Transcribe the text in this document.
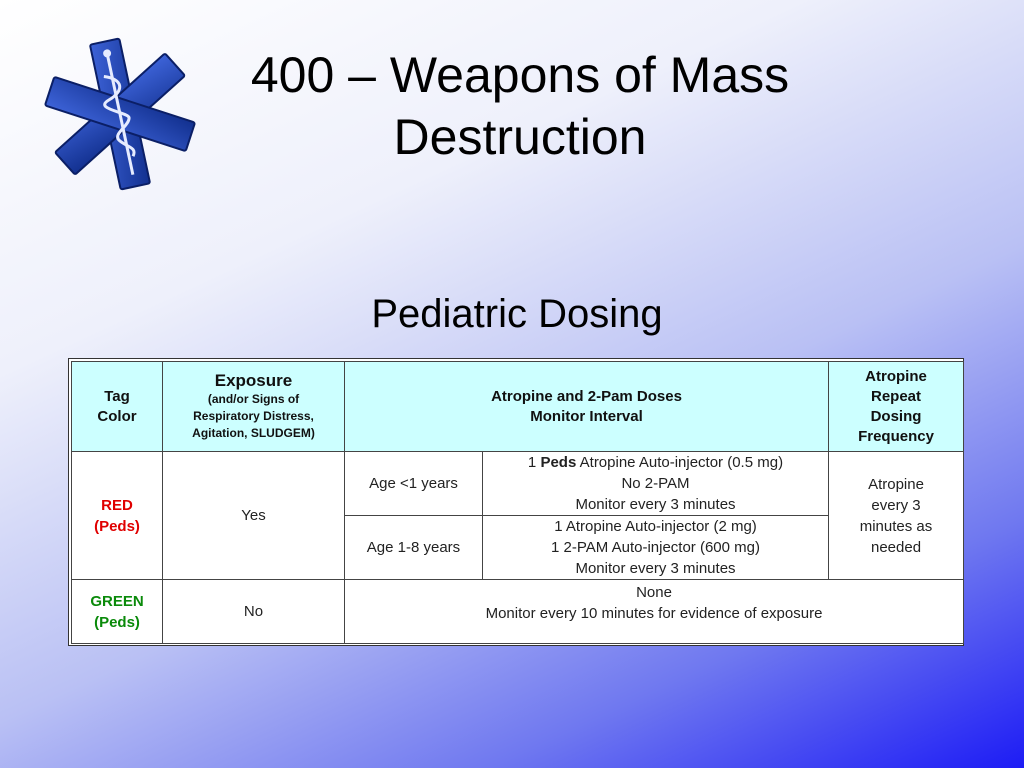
400 – Weapons of Mass
Destruction
Pediatric Dosing
Tag
Color	Exposure
(and/or Signs of
Respiratory Distress,
Agitation, SLUDGEM)	Atropine and 2-Pam Doses
Monitor Interval		Atropine
Repeat
Dosing
Frequency

RED
(Peds)	Yes	Age <1 years	1 Peds Atropine Auto-injector (0.5 mg)
No 2-PAM
Monitor every 3 minutes	Atropine
every 3
minutes as
needed

		Age 1-8 years	1 Atropine Auto-injector (2 mg)
1 2-PAM Auto-injector (600 mg)
Monitor every 3 minutes	

GREEN
(Peds)	No	None
Monitor every 10 minutes for evidence of exposure		
